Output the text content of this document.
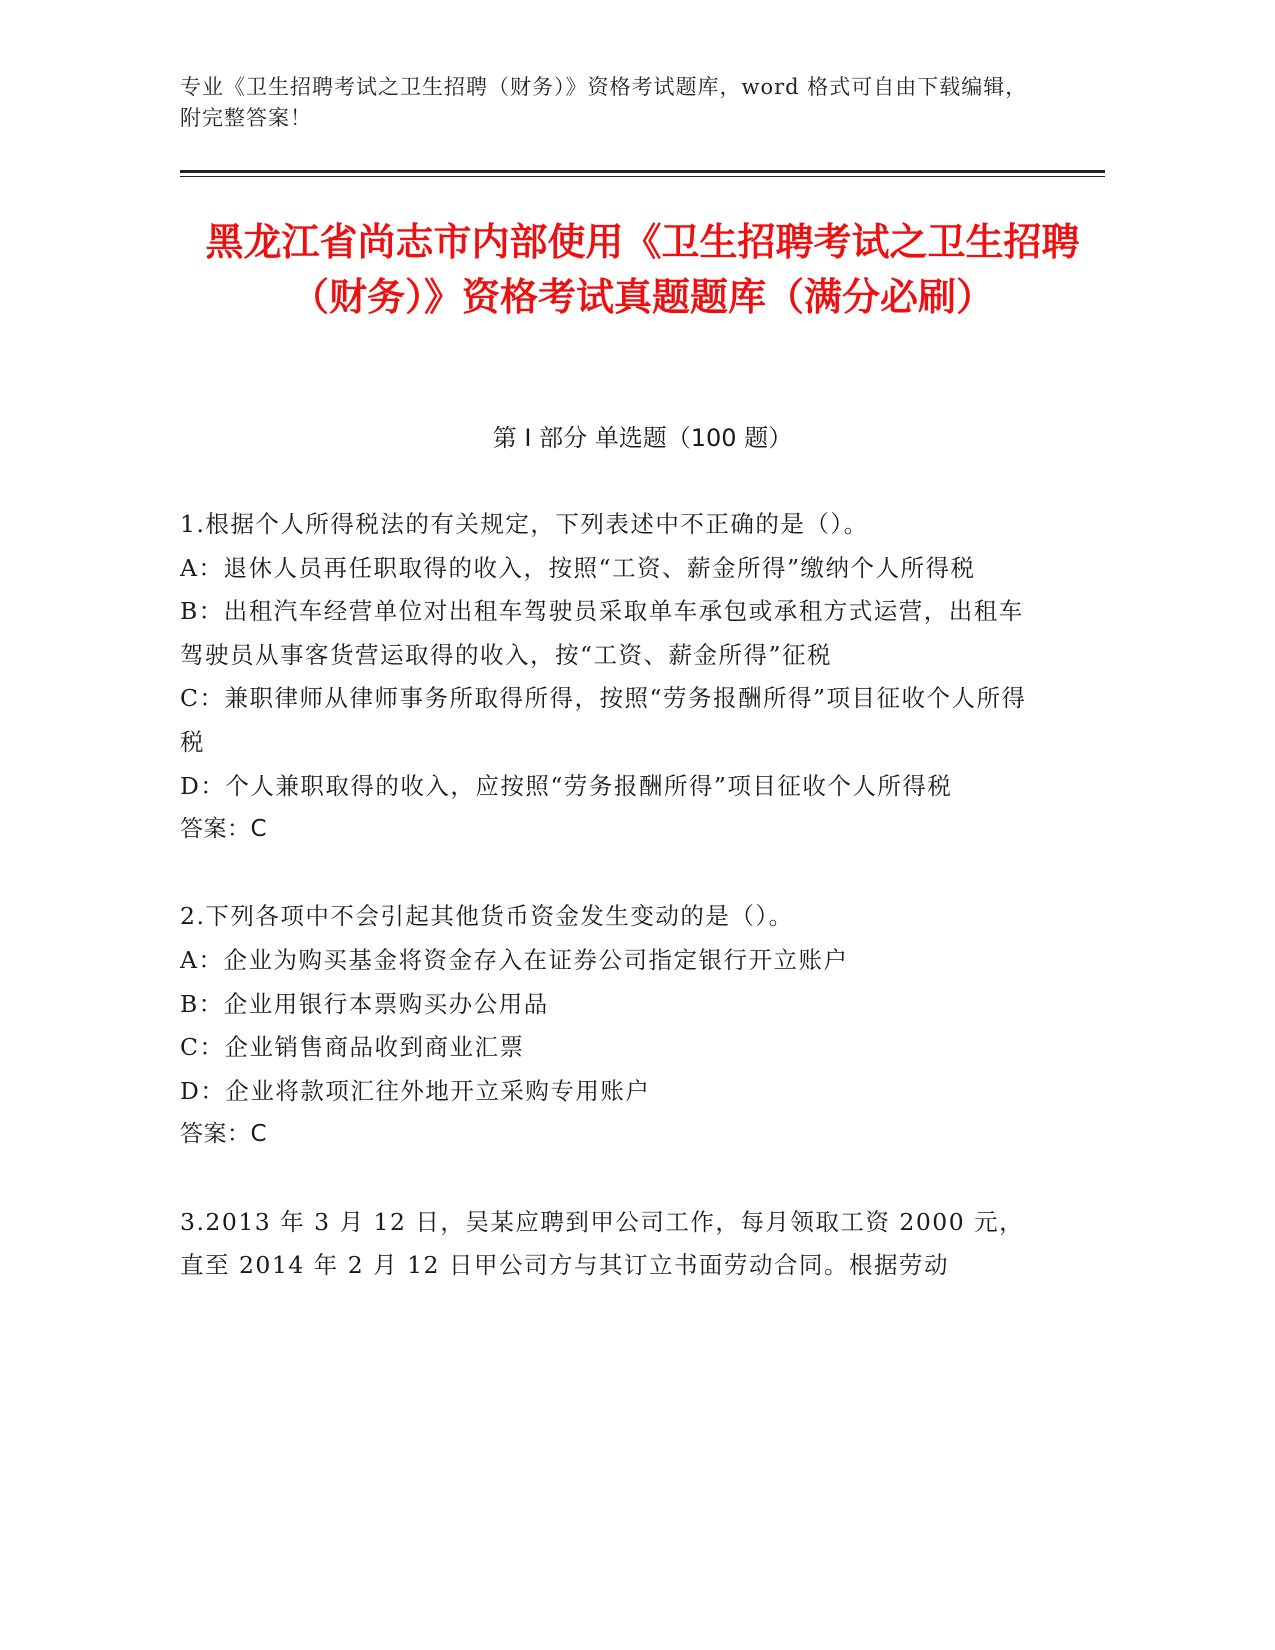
专业《卫生招聘考试之卫生招聘（财务）》资格考试题库，word 格式可自由下载编辑，附完整答案！
黑龙江省尚志市内部使用《卫生招聘考试之卫生招聘（财务）》资格考试真题题库（满分必刷）
第 I 部分 单选题（100 题）
1.根据个人所得税法的有关规定，下列表述中不正确的是（）。
A：退休人员再任职取得的收入，按照“工资、薪金所得”缴纳个人所得税
B：出租汽车经营单位对出租车驾驶员采取单车承包或承租方式运营，出租车驾驶员从事客货营运取得的收入，按“工资、薪金所得”征税
C：兼职律师从律师事务所取得所得，按照“劳务报酬所得”项目征收个人所得税
D：个人兼职取得的收入，应按照“劳务报酬所得”项目征收个人所得税
答案：C
2.下列各项中不会引起其他货币资金发生变动的是（）。
A：企业为购买基金将资金存入在证券公司指定银行开立账户
B：企业用银行本票购买办公用品
C：企业销售商品收到商业汇票
D：企业将款项汇往外地开立采购专用账户
答案：C
3.2013 年 3 月 12 日，吴某应聘到甲公司工作，每月领取工资 2000 元，直至 2014 年 2 月 12 日甲公司方与其订立书面劳动合同。根据劳动
